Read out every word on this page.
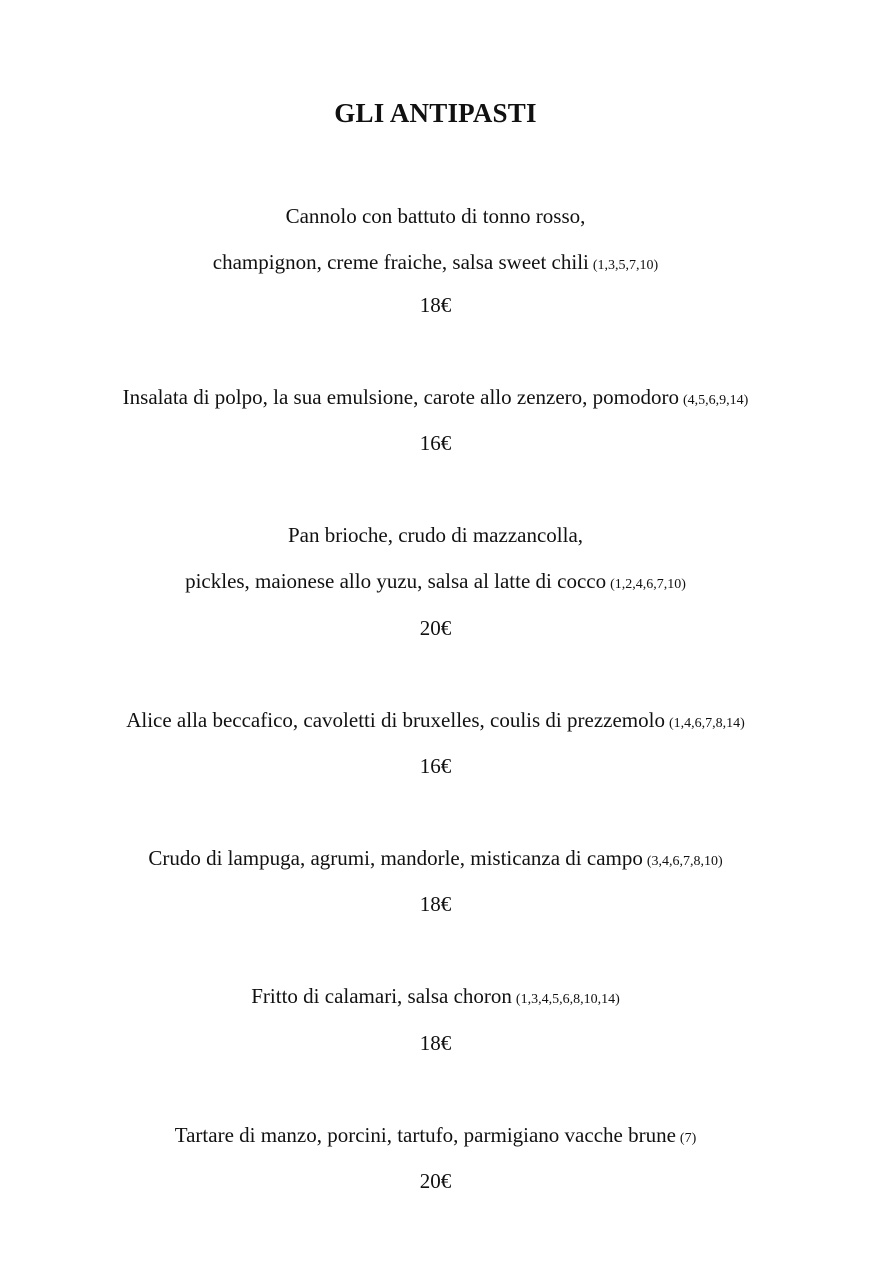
GLI ANTIPASTI
Cannolo con battuto di tonno rosso,
champignon, creme fraiche, salsa sweet chili (1,3,5,7,10)
18€
Insalata di polpo, la sua emulsione, carote allo zenzero, pomodoro (4,5,6,9,14)
16€
Pan brioche, crudo di mazzancolla,
pickles, maionese allo yuzu, salsa al latte di cocco (1,2,4,6,7,10)
20€
Alice alla beccafico, cavoletti di bruxelles, coulis di prezzemolo (1,4,6,7,8,14)
16€
Crudo di lampuga, agrumi, mandorle, misticanza di campo (3,4,6,7,8,10)
18€
Fritto di calamari, salsa choron (1,3,4,5,6,8,10,14)
18€
Tartare di manzo, porcini, tartufo, parmigiano vacche brune (7)
20€
